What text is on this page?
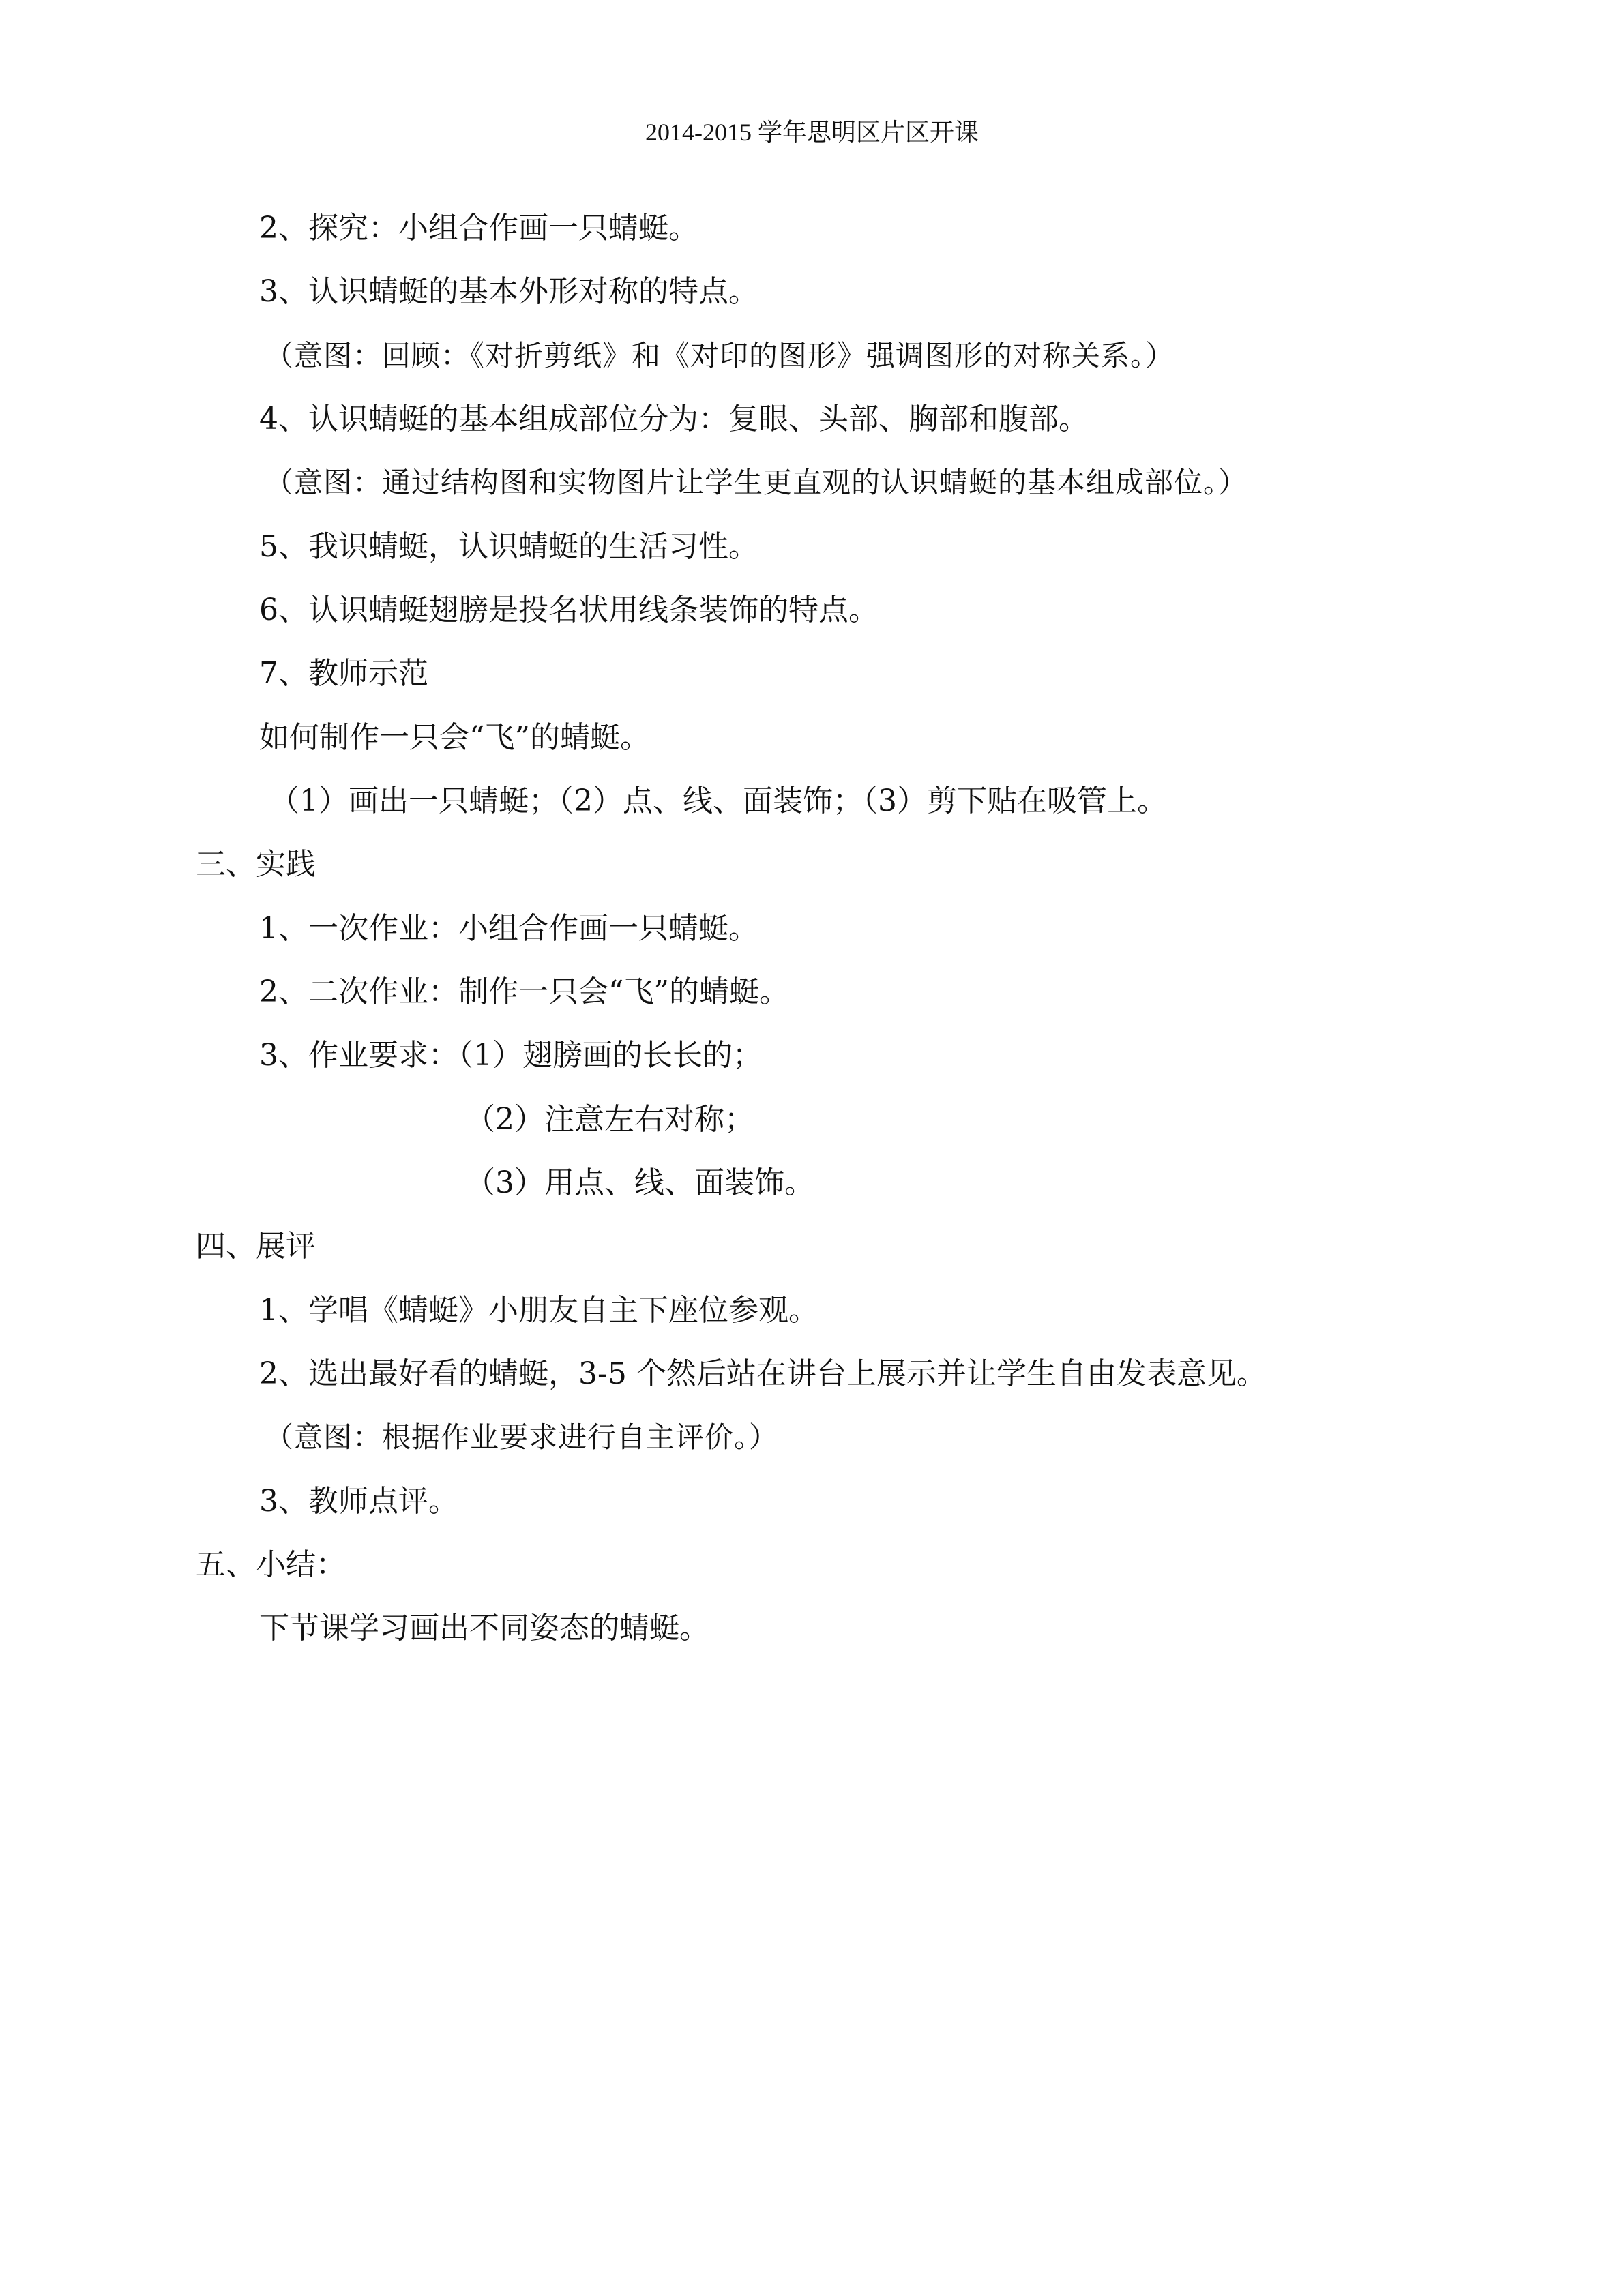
2014-2015 学年思明区片区开课
2、探究：小组合作画一只蜻蜓。
3、认识蜻蜓的基本外形对称的特点。
（意图：回顾：《对折剪纸》和《对印的图形》强调图形的对称关系。）
4、认识蜻蜓的基本组成部位分为：复眼、头部、胸部和腹部。
（意图：通过结构图和实物图片让学生更直观的认识蜻蜓的基本组成部位。）
5、我识蜻蜓，认识蜻蜓的生活习性。
6、认识蜻蜓翅膀是投名状用线条装饰的特点。
7、教师示范
如何制作一只会“飞”的蜻蜓。
（1）画出一只蜻蜓；（2）点、线、面装饰；（3）剪下贴在吸管上。
三、实践
1、一次作业：小组合作画一只蜻蜓。
2、二次作业：制作一只会“飞”的蜻蜓。
3、作业要求：（1）翅膀画的长长的；
（2）注意左右对称；
（3）用点、线、面装饰。
四、展评
1、学唱《蜻蜓》小朋友自主下座位参观。
2、选出最好看的蜻蜓，3-5 个然后站在讲台上展示并让学生自由发表意见。
（意图：根据作业要求进行自主评价。）
3、教师点评。
五、小结：
下节课学习画出不同姿态的蜻蜓。
